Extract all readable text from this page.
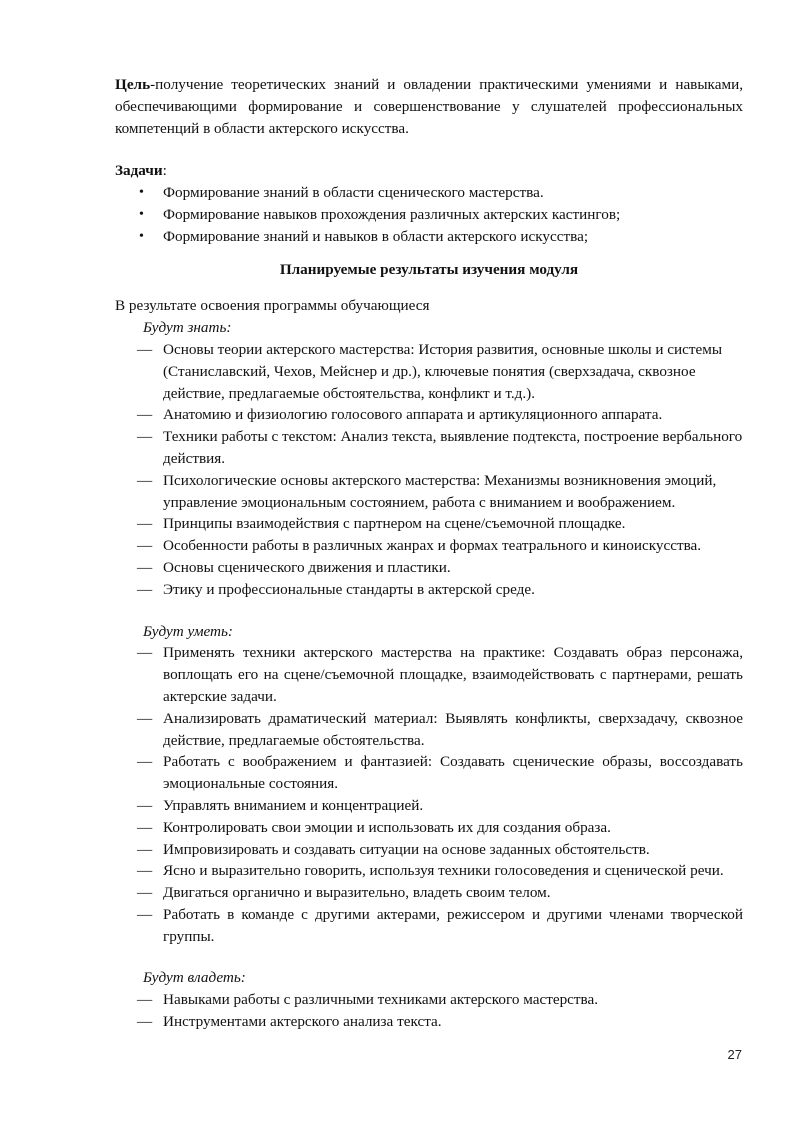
Цель-получение теоретических знаний и овладении практическими умениями и навыками, обеспечивающими формирование и совершенствование у слушателей профессиональных компетенций в области актерского искусства.

Задачи:

• Формирование знаний в области сценического мастерства.
• Формирование навыков прохождения различных актерских кастингов;
• Формирование знаний и навыков в области актерского искусства;

Планируемые результаты изучения модуля

В результате освоения программы обучающиеся

Будут знать:

— Основы теории актерского мастерства: История развития, основные школы и системы (Станиславский, Чехов, Мейснер и др.), ключевые понятия (сверхзадача, сквозное действие, предлагаемые обстоятельства, конфликт и т.д.).
— Анатомию и физиологию голосового аппарата и артикуляционного аппарата.
— Техники работы с текстом: Анализ текста, выявление подтекста, построение вербального действия.
— Психологические основы актерского мастерства: Механизмы возникновения эмоций, управление эмоциональным состоянием, работа с вниманием и воображением.
— Принципы взаимодействия с партнером на сцене/съемочной площадке.
— Особенности работы в различных жанрах и формах театрального и киноискусства.
— Основы сценического движения и пластики.
— Этику и профессиональные стандарты в актерской среде.

Будут уметь:

— Применять техники актерского мастерства на практике: Создавать образ персонажа, воплощать его на сцене/съемочной площадке, взаимодействовать с партнерами, решать актерские задачи.
— Анализировать драматический материал: Выявлять конфликты, сверхзадачу, сквозное действие, предлагаемые обстоятельства.
— Работать с воображением и фантазией: Создавать сценические образы, воссоздавать эмоциональные состояния.
— Управлять вниманием и концентрацией.
— Контролировать свои эмоции и использовать их для создания образа.
— Импровизировать и создавать ситуации на основе заданных обстоятельств.
— Ясно и выразительно говорить, используя техники голосоведения и сценической речи.
— Двигаться органично и выразительно, владеть своим телом.
— Работать в команде с другими актерами, режиссером и другими членами творческой группы.

Будут владеть:

— Навыками работы с различными техниками актерского мастерства.
— Инструментами актерского анализа текста.
27
